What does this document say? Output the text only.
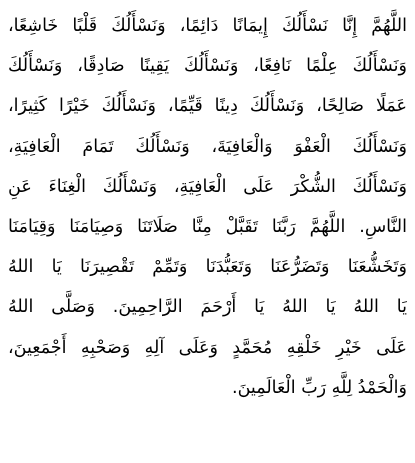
اللَّهُمَّ إِنَّا نَسْأَلُكَ إِيمَانًا دَائِمًا، وَنَسْأَلُكَ قَلْبًا خَاشِعًا،
وَنَسْأَلُكَ عِلْمًا نَافِعًا، وَنَسْأَلُكَ يَقِينًا صَادِقًا، وَنَسْأَلُكَ
عَمَلًا صَالِحًا، وَنَسْأَلُكَ دِينًا قَيِّمًا، وَنَسْأَلُكَ خَيْرًا كَثِيرًا،
وَنَسْأَلُكَ الْعَفْوَ وَالْعَافِيَةَ، وَنَسْأَلُكَ تَمَامَ الْعَافِيَةِ،
وَنَسْأَلُكَ الشُّكْرَ عَلَى الْعَافِيَةِ، وَنَسْأَلُكَ الْغِنَاءَ عَنِ
النَّاسِ. اللَّهُمَّ رَبَّنَا تَقَبَّلْ مِنَّا صَلَاتَنَا وَصِيَامَنَا وَقِيَامَنَا
وَتَخَشُّعَنَا وَتَضَرُّعَنَا وَتَعَبُّدَنَا وَتَمِّمْ تَقْصِيرَنَا يَا اللهُ
يَا اللهُ يَا اللهُ يَا أَرْحَمَ الرَّاحِمِينَ. وَصَلَّى اللهُ
عَلَى خَيْرِ خَلْقِهِ مُحَمَّدٍ وَعَلَى آلِهِ وَصَحْبِهِ أَجْمَعِينَ،
وَالْحَمْدُ لِلَّهِ رَبِّ الْعَالَمِينَ.
